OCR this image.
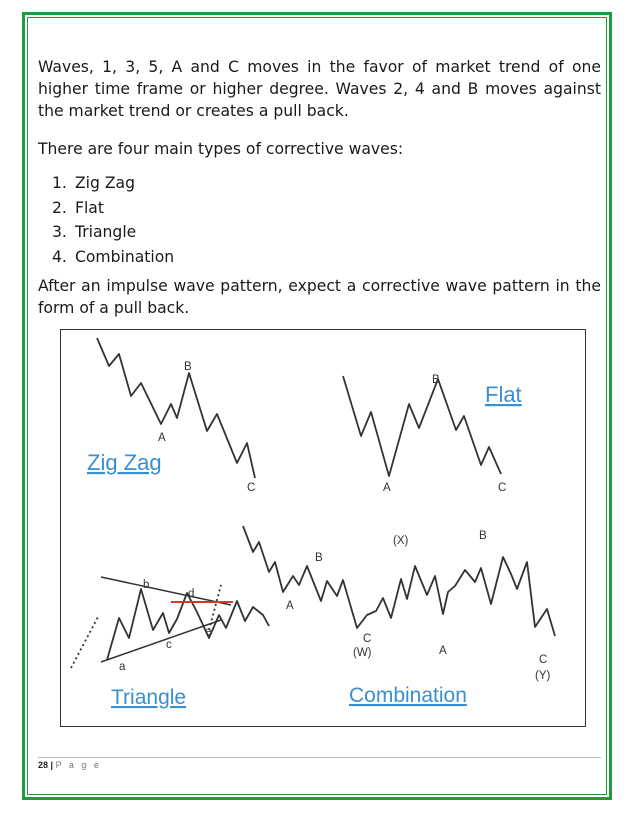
Waves, 1, 3, 5, A and C moves in the favor of market trend of one higher time frame or higher degree. Waves 2, 4 and B moves against the market trend or creates a pull back.

There are four main types of corrective waves:

1. Zig Zag
2. Flat
3. Triangle
4. Combination

After an impulse wave pattern, expect a corrective wave pattern in the form of a pull back.

A
B
C
Zig Zag
A
B
C
Flat
a
b
c
d
e
Triangle
A
B
C
(W)
(X)
A
B
C
(Y)
Combination
28 | P a g e
